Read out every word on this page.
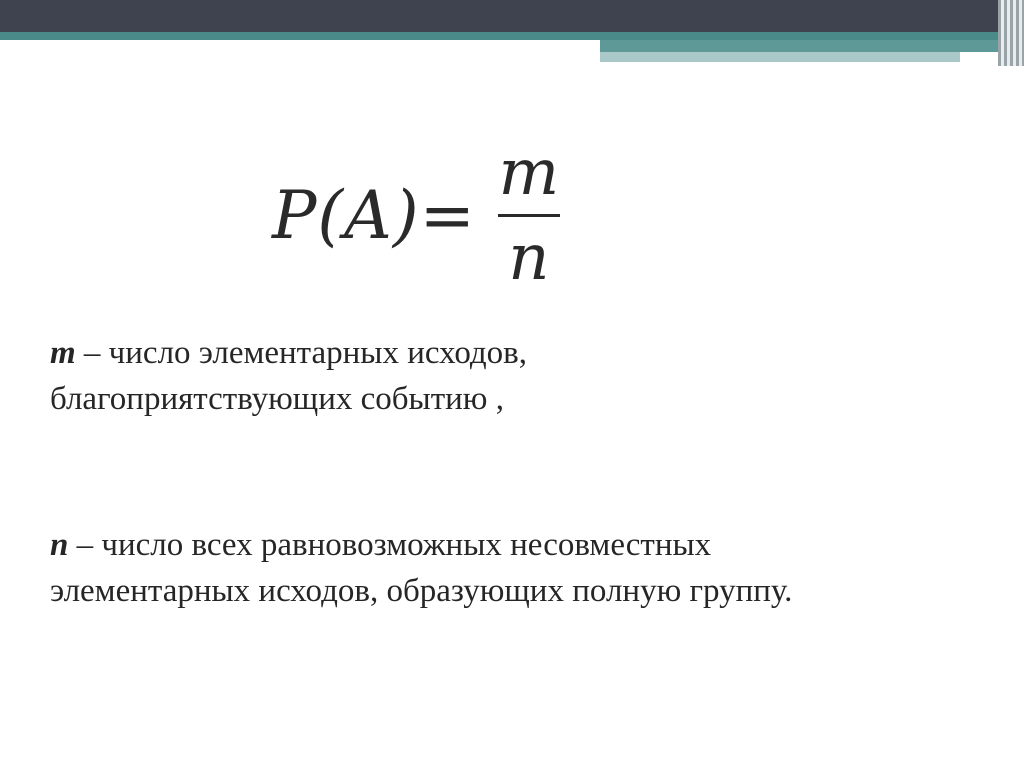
$P(A)= \frac{m}{n}$

m – число элементарных исходов,
благоприятствующих событию ,

n – число всех равновозможных несовместных
элементарных исходов, образующих полную группу.
